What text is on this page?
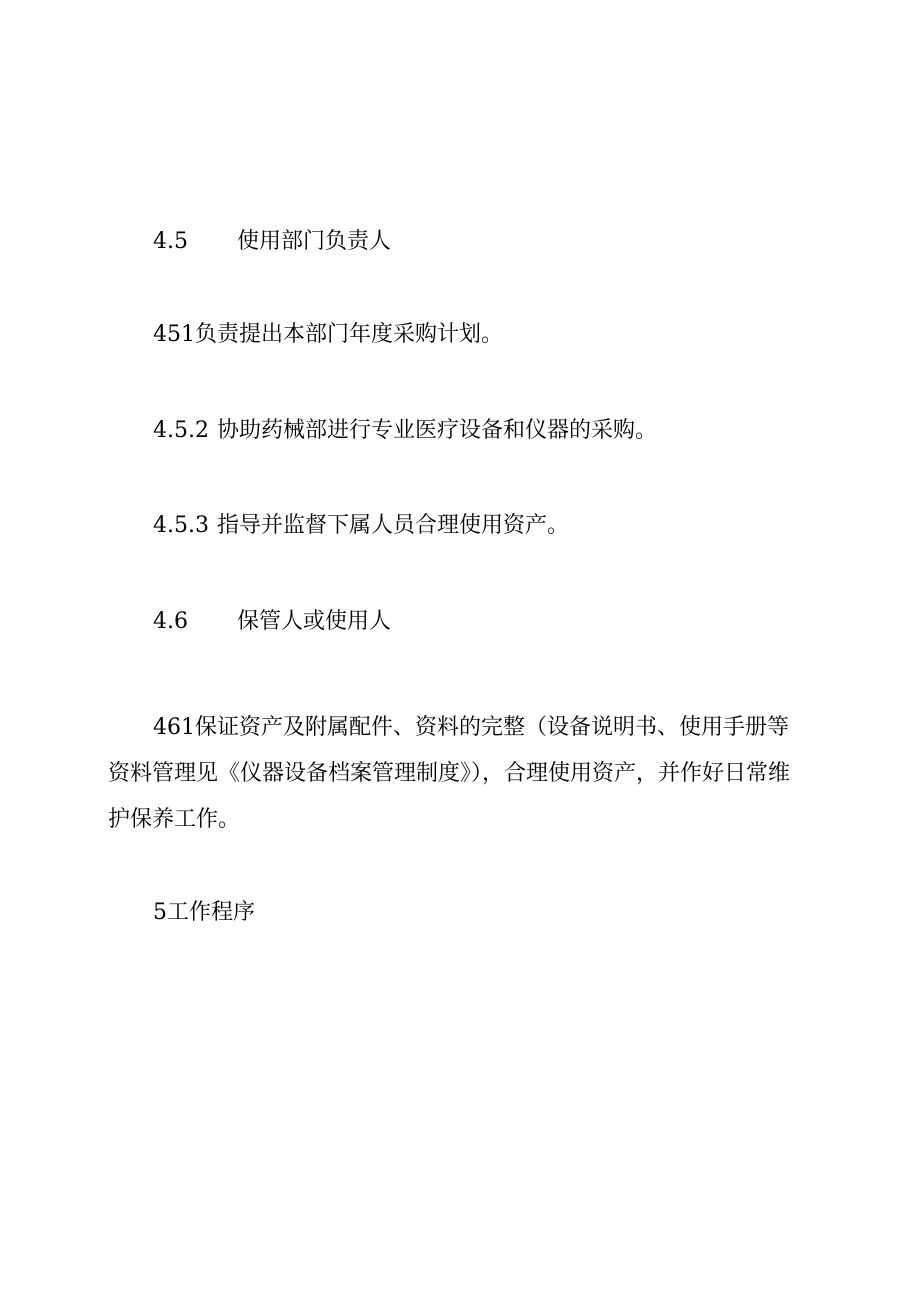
4.5 使用部门负责人
451负责提出本部门年度采购计划。
4.5.2 协助药械部进行专业医疗设备和仪器的采购。
4.5.3 指导并监督下属人员合理使用资产。
4.6 保管人或使用人
461保证资产及附属配件、资料的完整（设备说明书、使用手册等资料管理见《仪器设备档案管理制度》），合理使用资产，并作好日常维护保养工作。
5工作程序
